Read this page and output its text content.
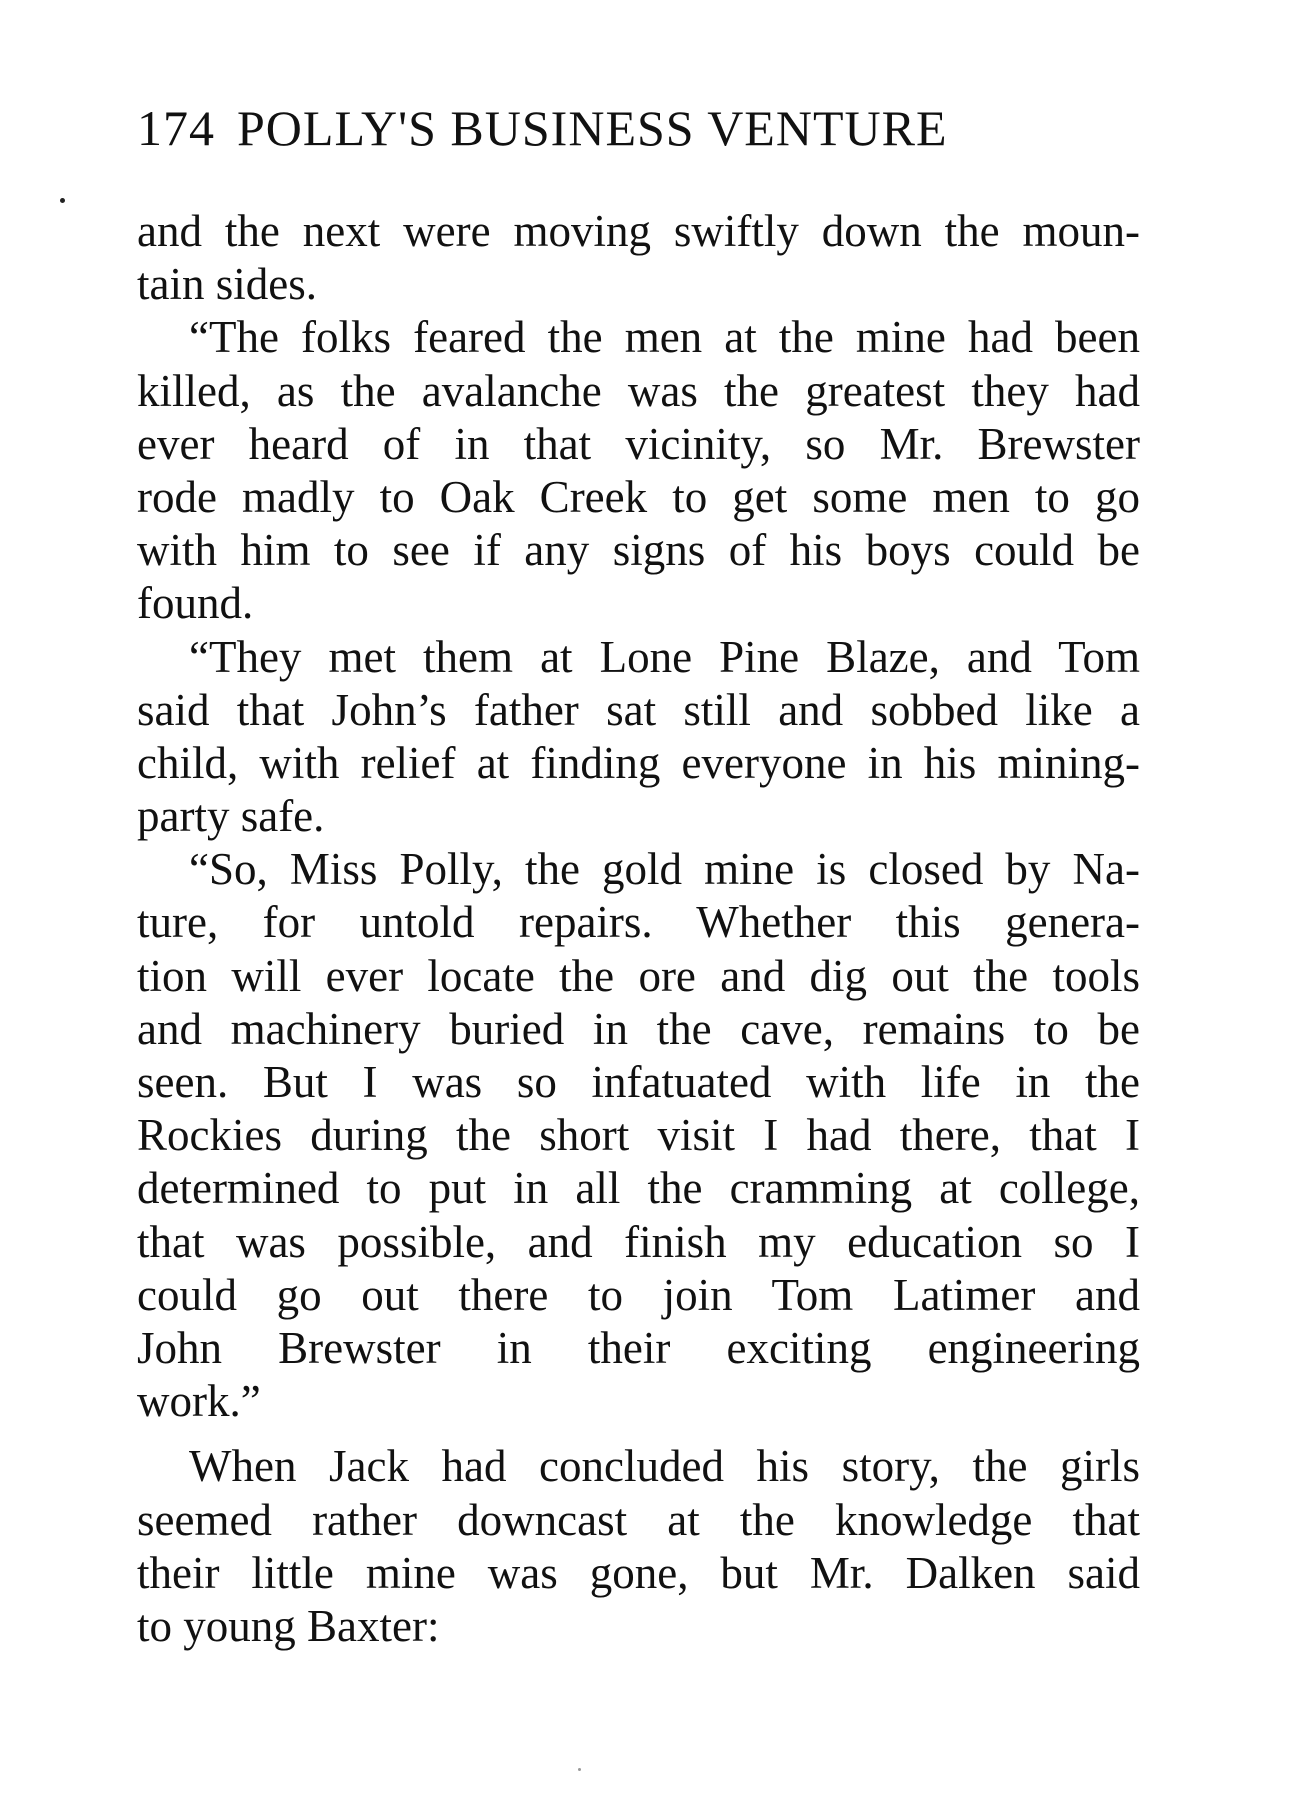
174 POLLY'S BUSINESS VENTURE
and the next were moving swiftly down the moun-
tain sides.
“The folks feared the men at the mine had been
killed, as the avalanche was the greatest they had
ever heard of in that vicinity, so Mr. Brewster
rode madly to Oak Creek to get some men to go
with him to see if any signs of his boys could be
found.
“They met them at Lone Pine Blaze, and Tom
said that John’s father sat still and sobbed like a
child, with relief at finding everyone in his mining-
party safe.
“So, Miss Polly, the gold mine is closed by Na-
ture, for untold repairs. Whether this genera-
tion will ever locate the ore and dig out the tools
and machinery buried in the cave, remains to be
seen. But I was so infatuated with life in the
Rockies during the short visit I had there, that I
determined to put in all the cramming at college,
that was possible, and finish my education so I
could go out there to join Tom Latimer and
John Brewster in their exciting engineering
work.”
When Jack had concluded his story, the girls
seemed rather downcast at the knowledge that
their little mine was gone, but Mr. Dalken said
to young Baxter:
